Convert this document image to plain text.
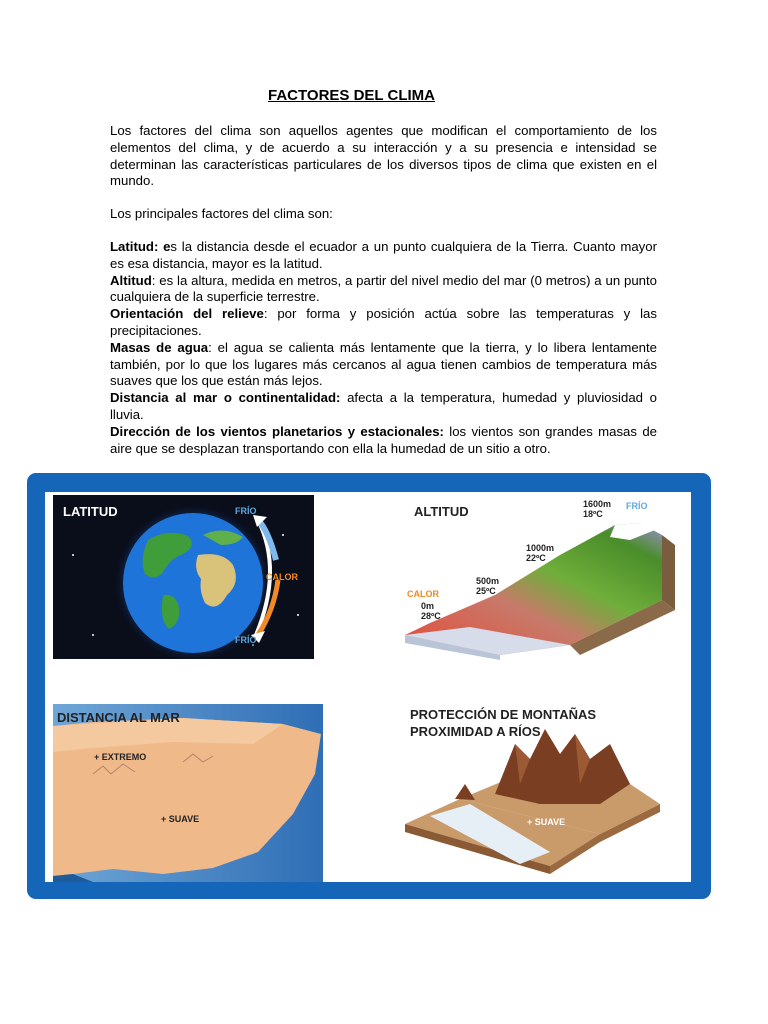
FACTORES DEL CLIMA

Los factores del clima son aquellos agentes que modifican el comportamiento de los elementos del clima, y de acuerdo a su interacción y a su presencia e intensidad se determinan las características particulares de los diversos tipos de clima que existen en el mundo.

Los principales factores del clima son:

Latitud: es la distancia desde el ecuador a un punto cualquiera de la Tierra. Cuanto mayor es esa distancia, mayor es la latitud.

Altitud: es la altura, medida en metros, a partir del nivel medio del mar (0 metros) a un punto cualquiera de la superficie terrestre.

Orientación del relieve: por forma y posición actúa sobre las temperaturas y las precipitaciones.

Masas de agua: el agua se calienta más lentamente que la tierra, y lo libera lentamente también, por lo que los lugares más cercanos al agua tienen cambios de temperatura más suaves que los que están más lejos.

Distancia al mar o continentalidad: afecta a la temperatura, humedad y pluviosidad o lluvia.

Dirección de los vientos planetarios y estacionales: los vientos son grandes masas de aire que se desplazan transportando con ella la humedad de un sitio a otro.

LATITUD	FRÍO
CALOR
FRÍO
ALTITUD	FRÍO
1600m
18ºC
1000m
22ºC
500m
25ºC
CALOR
0m
28ºC
DISTANCIA AL MAR
+ EXTREMO
+ SUAVE
PROTECCIÓN DE MONTAÑAS
PROXIMIDAD A RÍOS
+ SUAVE
